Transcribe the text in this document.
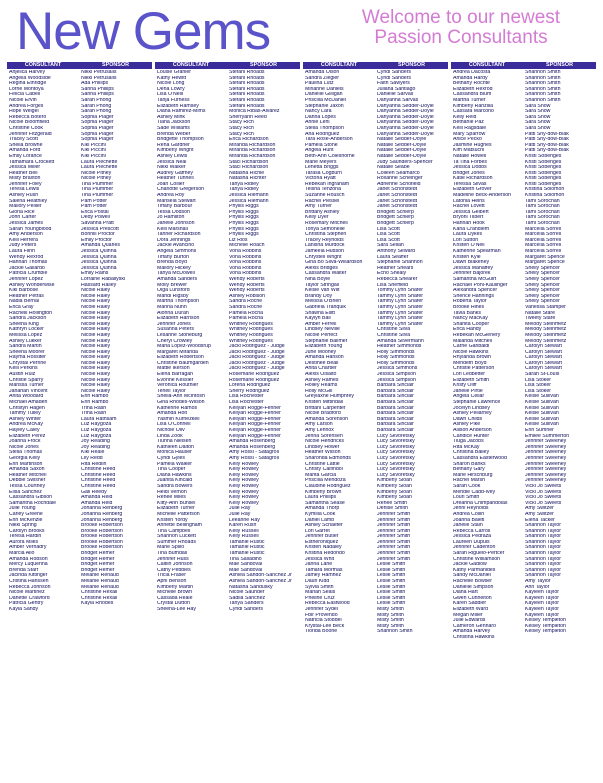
New Gems	Welcome to our newest
Passion Consultants
CONSULTANT
Anjelica Harvey
Angella Woodside
Regina Ethridge
Lorrie Montoya
Felicia Cabell
Nicole Ervin
Andrea Forges
Hope Weigel
Rebecca Botero
Nicole Bloomfield
Christine Cook
Jennifer Fitzgerald
Tracey Scott
Sheila Browne
Amanda Ford
Emily Lorance
Tamamara Crockett
Jessica Miller
Heather Bell
Misty Braxton
Jennifer Foley
Teresa Lewis
Ashley Rush
Saleria Heathley
Mallory Pellier
Gloria Rice
John Carter
Jessica James
Sarah Youngblood
Amy Anderson
Kelli Herrera
Judy Peters
Laura Flinn
Wendy Rexrod
Hannah Thomas
Jackie Gallardo
Patricia Crumble
Jennifer Lopez
Ashley Wonderwise
Kiki Barbose
Heather Petras
Nadia Bernal
Erica Gray
Rachelli Hollington
Sandra Jackson
Sheena King
Kathryn Locker
Melissa Lopez
Ashley Lukker
Sandra Martin
Sheena Moorer
Rayma Rossiter
Chrystal Perrine
Kelli Perkins
Austin Ruiz
Christie Sparry
Marissa Turner
Janahan Vincent
Anita Woodard
Michael Amaden
Christyn Hagen
Tammy Tulley
Ashley Winter
Andrea McKay
Hayley Caley
Elizabeth Perez
Joanna Frock
Nicole Jones
Stella Thomas
Georgia Kelly
Erin Martinson
Amanda Saxon
Heather Mitchell
Debbie Swisher
Tessa Courtney
Elisa Sanchez
Cassandra Gibson
Samantha Rochdale
Julie Young
Carley Greene
Erin McKenzie
Nikki Spring
Carolyn Brooks
Teresa Hardin
Aurora Miles
Amber Vernadry
Marcia Alio
Amanda Robson
Mercy Luquenna
Brenda Starr
Jacinda Kittinger
Cristina Hanssen
Rebecca Johnson
Nicole Martinez
Danette Crawford
Patricia Gentry
Kayla Sandy
SPONSOR
Nikki Petrusalis
Nikki Petrusalis
Ada Phillips
Sanna Phillips
Sanna Phillips
Sarah Phong
Sarah Phong
Sarah Phong
Sophia Plager
Sophia Plager
Sophia Plager
Sophia Plager
Sophia Plager
Kiki Piccini
Kiki Piccini
Kiki Piccini
Laura Plechette
Laura Plechette
Nicole Pitney
Nicole Pitney
Tina Plummer
Tina Plummer
Tina Plummer
Pam Potter
Pam Potter
Erica Postal
Dedy Powell
Savanna Pratt
Jessica Prescott
Bonnill Proctor
Emily Proctor
Amanda Quarles
Jessica Quinna
Jessica Quinna
Jessica Quinna
Jessica Quinna
Emily Rains
Lorraine Rabaliyski
Hassard Ralley
Nicole Raley
Nicole Raley
Nicole Raley
Nicole Raley
Nicole Raley
Nicole Raley
Nicole Raley
Nicole Raley
Nicole Raley
Nicole Raley
Nicole Raley
Nicole Raley
Nicole Raley
Nicole Raley
Nicole Raley
Nicole Raley
Nicole Raley
Nicole Raley
Nicole Raley
Erin Rambo
Erin Rambo
Trina Rash
Trina Rash
Laura Rathsam
Luz Raygoza
Luz Raygoza
Luz Raygoza
Joy Reading
Joy Reading
Kiki Reale
Lily Redd
Rita Redlin
Christine Reed
Christine Reed
Christine Reed
Christine Reed
Gail Reedy
Amanda Reid
Amanda Reid
Johanna Rehberg
Johanna Rehberg
Johanna Rehberg
Brooke Robertson
Brooke Robertson
Brooke Robertson
Brooke Robertson
Brooke Robertson
Bridget Remer
Bridget Remer
Bridget Remer
Bridget Remer
Melanie Renaud
Melanie Renaud
Melanie Renaud
Christine Rexall
Christine Rexall
Kayla Rhodes
CONSULTANT
Louise Granier
Kathy Hewitt
Nicole Long
Dena Lowry
Lisa O'Neill
Tanja Furness
Elizabeth Ramsey
Diana Ramirez-Mims
Ashley Mink
Tiana Jackson
Sade Williams
Brenda Weber
Bridgette Thompson
Rena Gardner
Kimberly Wright
Ashley Lewis
Jessica Neal
Nikki Walker
Audrey Gaffney
Heather Tunnell
Joan Collier
Charlotte Gregerson
Andrea Roy
Marisela Stewart
Tiffany Barbour
Tessa Dodson
Jo Hamilton
Janelle Johnson
Kelli Marshall
Tanner Richardson
Dora Jennings
Jackie Avancino
Angela Simmons
Tiffany Burton
Brenda Boyd
Mallory Hickey
Tanya McDowell
Amanda Sanders
Molly Brewer
Olga Lunsford
Mandi Rigsby
Martha Thompson
Marina Nunn
Alonna Duran
Elizabeth Harrison
Jennifer Jones
Susanna Peters
Lesanne Stoneburg
Cheryl Crowley
Maria Lopez-Woodsrup
Margaret Miranda
Elizabeth Robertson
Christine Baumgarden
Mattie Ikerson
Elena Barragan
Evonne Kessler
Veronica Routhier
Teneil Taylor
Sheila-Ann McIntosh
Gina Rhodes-Wilson
Katherine Ramos
Amanda Holt
Yasmin Kurnezkell
Lisa O'Connell
Nichole Oliv
Linda Zook
Tiunna Nielsen
Kathleen Dalton
Monica Hauser
Cyndi Gyles
Pamela Walker
Tina Cooper
Diana Hawkins
Juanita Kincaid
Sandra Bowers
Heidi Vernon
Renee Miles
Kitty-Ann Bunsel
Elizabeth Turner
Michelle Patterson
Kristen Yordy
Annette Bellingham
Tina Campbell
Shannon Luckett
Summer Rhoads
Marie Spillo
Tina Bumdall
Jennifer Huss
Caitlin Johnson
Cathy Pebbles
Tricia Fraser
April Benson
Kimberly Martin
Michelle Brown
Cassada Reale
Crystal Dutton
Sheena-Lee Hay
SPONSOR
Stefani Rhoads
Stefani Rhoads
Stefani Rhoads
Stefani Rhoads
Stefani Rhoads
Stefani Rhoads
Stefani Rhoads
Monica Ribas-Alvarez
Sherryann Reed
Stacy Rich
Stacy Rich
Stacy Rich
Erica Richardson
Miranda Richardson
Miranda Richardson
Miranda Richardson
Staci Richardson
Staci Richardson
Natasha Richie
Natasha Richter
Tanya Ridley
Tanya Ridley
Jessica Riemann
Jessica Riemann
Phyllis Riggs
Phyllis Riggs
Phyllis Riggs
Phyllis Riggs
Phyllis Riggs
Phyllis Riggs
Liz Rios
Michelle Roach
Vona Robbins
Vona Robbins
Vona Robbins
Vona Robbins
Vona Robbins
Wendy Roberts
Wendy Roberts
Wendy Roberts
Ashley Robison
Sandra Roche
Sandra Roche
Pamela Rocha
Pamela Rocha
Whitney Rodrigues
Whitney Rodrigues
Whitney Rodrigues
Whitney Rodrigues
Jacki Rodriguez - Judge
Jacki Rodriguez - Judge
Jacki Rodriguez - Judge
Jacki Rodriguez - Judge
Jacki Rodriguez - Judge
Rosemarie Rodriguez
Rosemarie Rodriguez
Lorena Rodriguez
Sherry Rodriguez
Lisa Rochester
Lisa Rochester
Kellyan Rogge-Fenner
Kellyan Rogge-Fenner
Kellyan Rogge-Fenner
Kellyan Rogge-Fenner
Kellyan Rogge-Fenner
Kellyan Rogge-Fenner
Amanda Rosenberg
Amanda Rosenberg
Amy Rossi - Satagroll
Amy Rossi - Satagroll
Kelly Rowley
Kelly Rowley
Kelly Rowley
Kelly Rowley
Kelly Rowley
Kelly Rowley
Kelly Rowley
Kelly Rowley
Julie Ray
Julie Ray
Leeanne Ray
Karen Rush
Kelly Russell
Kelly Russell
Tamanie Rustic
Tamanie Rustic
Tamanie Rustic
Tina Salladino
Mae Sandoval
Mae Sandoval
Ashlea Sandon-Sanchez Jr
Ashlea Sandon-Sanchez Jr
Natasha Sandusky
Nicole Saunder
Sadiia Sanchez
Tanya Sanders
Cyndi Sanders
CONSULTANT
Amanda Olson
Sandra Ziegler
Paulina Lutz
Mirianne Daniels
Danielle Gilligan
Priscilla McDaniel
Stephanie Jaxon
Nancy Lara
Danna Lopes
Annie Lehi
Stella Thompson
Ana Rodriguez
Tara Rose-Anderson
Pamela Stone
Angela Hunt
Beth-Ann Coleshorne
Marie Meyers
Lenetta Briggs
Tarasa Cogburn
Victoria Hyatt
Rebekah Ingraham
Teisha Tenzona
Suzanne Rousch
Rachel Plessel
Amy Turner
Brittany Ashley
Kelly Dyer
Rosemary Mitchell
Tonya Semonelle
Christina Stephen
Tracey Reynolds
Lanisha Murdock
Jameela Hudson
Chrystell Wright
Gina Bo Silva-Willardson
Alexis Bridges
Cassandra Walter
Nina Boyle
Taylor Stringall
Kelsie Van Wilt
Brandy Doy
Melissa O'Brien
Gabriela Tranquik
Shawna Ellitt
Kaylyn Ball
Amber Ferrell
Lindsey Neville
Nicole Perfect
Stephanie Ballmer
Elizabeth Young
June Mooney
Amanda Hanson
Destinee Beall
Anita Chartier
Alexis Olsalto
Ashley Rames
Holley Reams
Holly McGill
Greylaxhe Humphrey
Kristen Mittindall
Brittani Carpenter
Nicole Bradford
Amanda Sorenson
Amy Larson
Amy Lennox
Jenna Sorensen
Nicole Hendricks
Lindsey Hower
Heather Wilson
Sharonda Edmonds
Christine Lattie
Christy Calfindol
Marita Garcia
Priscilla Mendoza
Claudine Rodriguez
Kimberly Brown
Laura Phillips
Samantha Sease
Amanda Thorp
Kymilla Cook
Daniel Lamb
Ashley Schaefer
Lori Garret
Jennifer Butler
Estheroniquez
Kristen Nadaley
Kristina Redondo
Jessica Whit
Janna Lane
Tamara Mormas
Jamey Hamhez
Dauri Kidd
Sylvia Smith
Mariah Seals
Pheline Cruz
Rebecca Eastwood
Jennifer Sydel
Fbir Provendo
Natricia Stoddel
Krystal-Lee Beck
Tiorida Boone
SPONSOR
Cyndi Sanders
Cyndi Sanders
Faith Sawyers
Juliana Santiago
Danielle Sarvas
Danyanna Sarvas
Danyanna Sedder-Doyle
Danyanna Sedder-Doyle
Danyanna Sedder-Doyle
Danyanna Sedder-Doyle
Danyanna Sedder-Doyle
Danyanna Sedder-Doyle
Natalie Sedder-Doyle
Natalie Sedder-Doyle
Natalie Sedder-Doyle
Natalie Sedder-Doyle
Judy Saunders-Spencer
Natalie Seabe
Colleen Seamarco
Roxanne Scheinger
Adrienne Schofield
Janet Schonstedt
Janet Schonstedt
Janet Schonstedt
Janet Schonstedt
Bridgett Schlerp
Bridgett Schlerp
Bridgett Schlerp
Lisa Scott
Lisa Scott
Lisa Scott
Sara Sellah
Anthony Seward
Laura Seaffer
Stephanie Shannon
Heather Shears
Echo Shealy
Rebecca Shearer
Lisa Sheffield
Tommy Lynn Shafer
Tammy Lynn Shafer
Tammy Lynn Shafer
Tammy Lynn Shafer
Tammy Lynn Shafer
Tammy Lynn Shafer
Tammy Lynn Shafer
Christine Silva
Christine Silva
Amanda Silvermann
Heather Simmonds
Holly Simmonds
Holly Simmonds
Holly Simmonds
Jessica Simmons
Jessica Simpson
Jessica Simpson
Barbara Sinclair
Barbara Sinclair
Barbara Sinclair
Barbara Sinclair
Barbara Sinclair
Barbara Sinclair
Barbara Sinclair
Barbara Sinclair
Barbara Sinclair
Lucy Skvoretsky
Lucy Skvoretsky
Lucy Skvoretsky
Lucy Skvoretsky
Lucy Skvoretsky
Lucy Skvoretsky
Lucy Skvoretsky
Lucy Skvoretsky
Kimberly Sloan
Kimberly Sloan
Kimberly Sloan
Kimberly Sloan
Renee Smith
Denise Smith
Jennifer Smith
Jennifer Smith
Jennifer Smith
Jennifer Smith
Jennifer Smith
Jennifer Smith
Jennifer Smith
Jennifer Smith
Jennifer Smith
Leslie Smith
Leslie Smith
Leslie Smith
Leslie Smith
Leslie Smith
Leslie Smith
Leslie Smith
Leslie Smith
Misty Smith
Misty Smith
Misty Smith
Misty Smith
Shannon Smith
CONSULTANT
Andrea Dacosta
Amanda Hardy
Bethany Rochte
Elizabeth Rexrod
Cassandra Blum
Martha Turner
Kimberly Ranzilla
Cassara Marcono
Kelly Reid
Bethanie Paz
Kelli Ragsdale
Mary Sparrow
Arlice Pecko
Jasmine Hughes
Kim Matsuchi
Natalie Howell
Ta'Tina Forbes
Jessica Dobbs
Bridget Jones
Katie Richardson
Teressa Silvas
Elizabeth Grover
Madeline Beck-Anderson
Latonia Heins
Rachel Lovett
Jessica Gelbert
Bryoni Tilbert
Hannah Hook
Karla Crandlem
Laura Dykes
Lori Sutton
Kristen O'Neil
Katherine Spearman
Kristen Kyle
Dawn Blakeney
Jessica Mahaffey
Jennifer Bajorek
Samantha McGuirt
Rachael Pohl-Kaulinger
Alexandra Spencer
Sherice Hannings
Roberta Taylor
Brooke Hines
Tavia Banks
Nancy MacKay
Shanita Cooper
Erica Handy
Rebekah McGlenery
Malanda Mitchell
Carrie Garibaldi
Nicole Hawkins
Rhylanda Brown
Merideth Boyd
Christie Patterson
Lori Ledbetter
Elizabeth Smith
Kristy Oliff
Janelle Pirtle
Angela Cellar
Stephanie Lawrence
Jocelyn Lindsey
Ashley Pellarney
Dawn Childs
Ashley Pike
Allison Anderson
Candice Hunter
Tiuga Jacobs
Rita McKay
Christina Bailey
Cassandra Easterwood
Sharon Banks
Bethany Gary
Marie Hirschburg
Rachel Marsh
Sarah Cook
Mendie Cadd-Ivey
Louri Smith
Dreanna Chimpandolas
Jenni Reynolds
Andrea Collin
Joanna Baleti
Janelle Stain
Rebecca Carroll
Jessica Pedraza
Laureen Dupuis
Jennifer Cadenton
Sarah Riguelo-Pertcer
Christine Williamson
Jackie Gadlow
Kathy Parmanides
Sandy McDaniel
Rachelle Bowser
Danielle Simpson
Diana Hart
Gwen Cunnelton
Karen Saddler
Elizabeth Ward
Megan Miller
Julie Edwards
Cameron Gennaro
Amanda Harvey
Christina Hawkins
SPONSOR
Shannon Smith
Shannon Smith
Shannon Smith
Shannon Smith
Shannon Smith
Shannon Smith
Sara Snow
Sara Snow
Sara Snow
Sara Snow
Sara Snow
Patti Sny-dow-Blak
Patti Sny-dow-Blak
Patti Sny-dow-Blak
Patti Sny-dow-Blak
Kristi Sobenges
Kristi Sobenges
Kristi Sobenges
Kristi Sobenges
Kristi Sobenges
Kristi Sobenges
Kristina Solomon
Kristina Solomon
Tami Sorochan
Tami Sorochan
Tami Sorochan
Tami Sorochan
Tami Sorochan
Marcella Sorrell
Marcella Sorrell
Marcella Sorrell
Marcella Sorrell
Marcella Sorrell
Margaret Spence
Margaret Spence
Shelly Spencer
Shelly Spencer
Shelly Spencer
Shelly Spencer
Shelly Spencer
Shelly Spencer
Shelly Spencer
Vanessa Stamper
Natalie Stare
Tweety Stare
Melody Steinmetz
Melody Steinmetz
Melody Steinmetz
Melody Steinmetz
Carolyn Stewart
Carolyn Stewart
Carolyn Stewart
Carolyn Stewart
Carolyn Stewart
Sarah St-Louis
Lisa Stoker
Lisa Stoker
Lisa Stoker
Kelsie Sullivan
Kelsie Sullivan
Kelsie Sullivan
Kelsie Sullivan
Kelsie Sullivan
Kelsie Sullivan
Erin Sumner
Emilee Summerton
Jennifer Sweeney
Jennifer Sweeney
Jennifer Sweeney
Jennifer Sweeney
Jennifer Sweeney
Jennifer Sweeney
Jennifer Sweeney
Jennifer Sweeney
Vicki Jo Sweets
Vicki Jo Sweets
Vicki Jo Sweets
Vicki Jo Sweets
Amy Switzer
Amy Switzer
Elena Tacker
Shannon Taylor
Shannon Taylor
Shannon Taylor
Shannon Taylor
Shannon Taylor
Shannon Taylor
Shannon Taylor
Shannon Taylor
Shannon Taylor
Shannon Taylor
Amy Taylor
Ann Taylor
Kayleen Taylor
Kayleen Taylor
Kayleen Taylor
Kayleen Taylor
Kayleen Taylor
Kelsey Templeton
Kelsey Templeton
Kelsey Templeton
